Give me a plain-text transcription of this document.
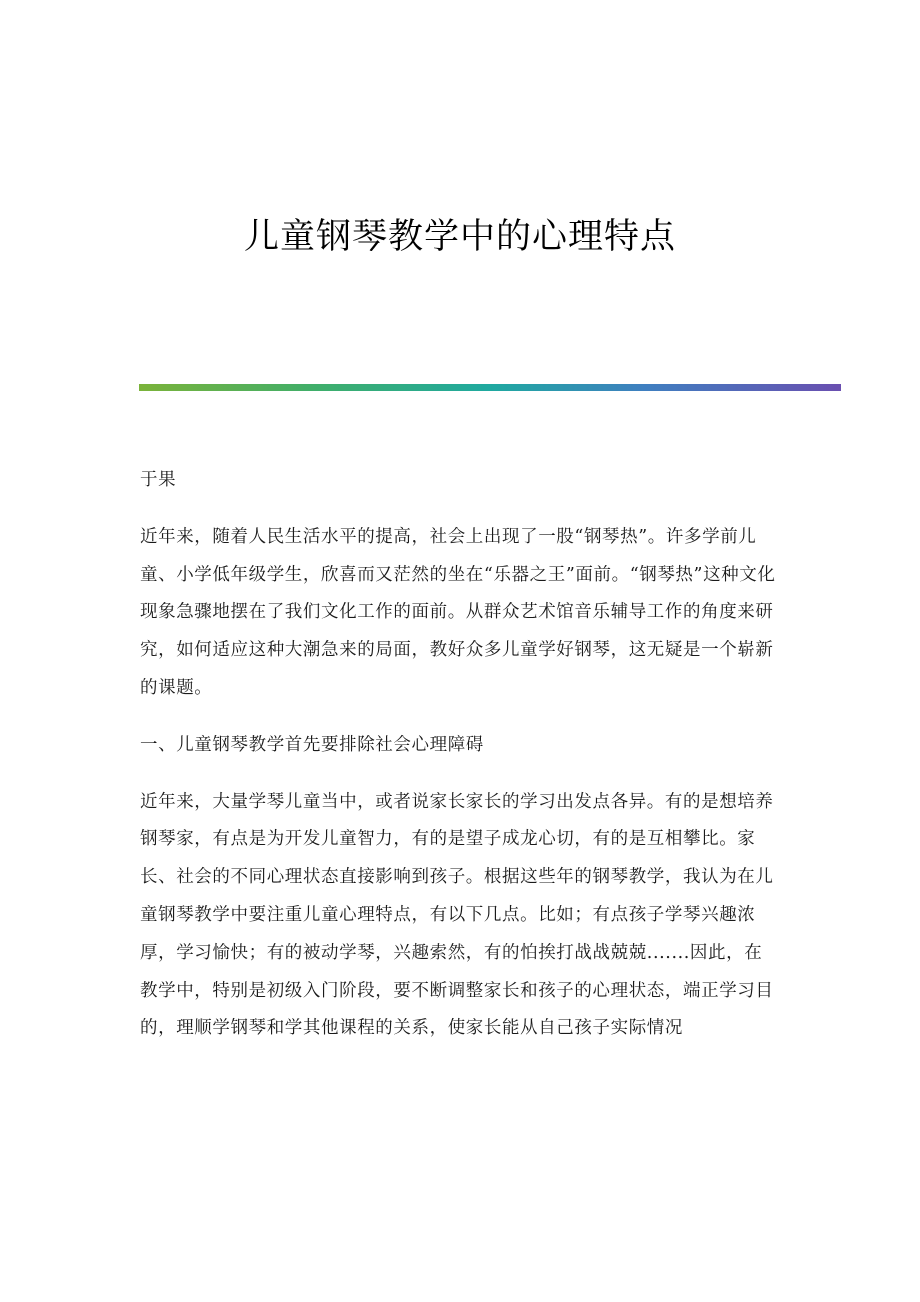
儿童钢琴教学中的心理特点

于果

近年来，随着人民生活水平的提高，社会上出现了一股“钢琴热”。许多学前儿童、小学低年级学生，欣喜而又茫然的坐在“乐器之王”面前。“钢琴热”这种文化现象急骤地摆在了我们文化工作的面前。从群众艺术馆音乐辅导工作的角度来研究，如何适应这种大潮急来的局面，教好众多儿童学好钢琴，这无疑是一个崭新的课题。

一、儿童钢琴教学首先要排除社会心理障碍

近年来，大量学琴儿童当中，或者说家长家长的学习出发点各异。有的是想培养钢琴家，有点是为开发儿童智力，有的是望子成龙心切，有的是互相攀比。家长、社会的不同心理状态直接影响到孩子。根据这些年的钢琴教学，我认为在儿童钢琴教学中要注重儿童心理特点，有以下几点。比如；有点孩子学琴兴趣浓厚，学习愉快；有的被动学琴，兴趣索然，有的怕挨打战战兢兢.......因此，在教学中，特别是初级入门阶段，要不断调整家长和孩子的心理状态，端正学习目的，理顺学钢琴和学其他课程的关系，使家长能从自己孩子实际情况
